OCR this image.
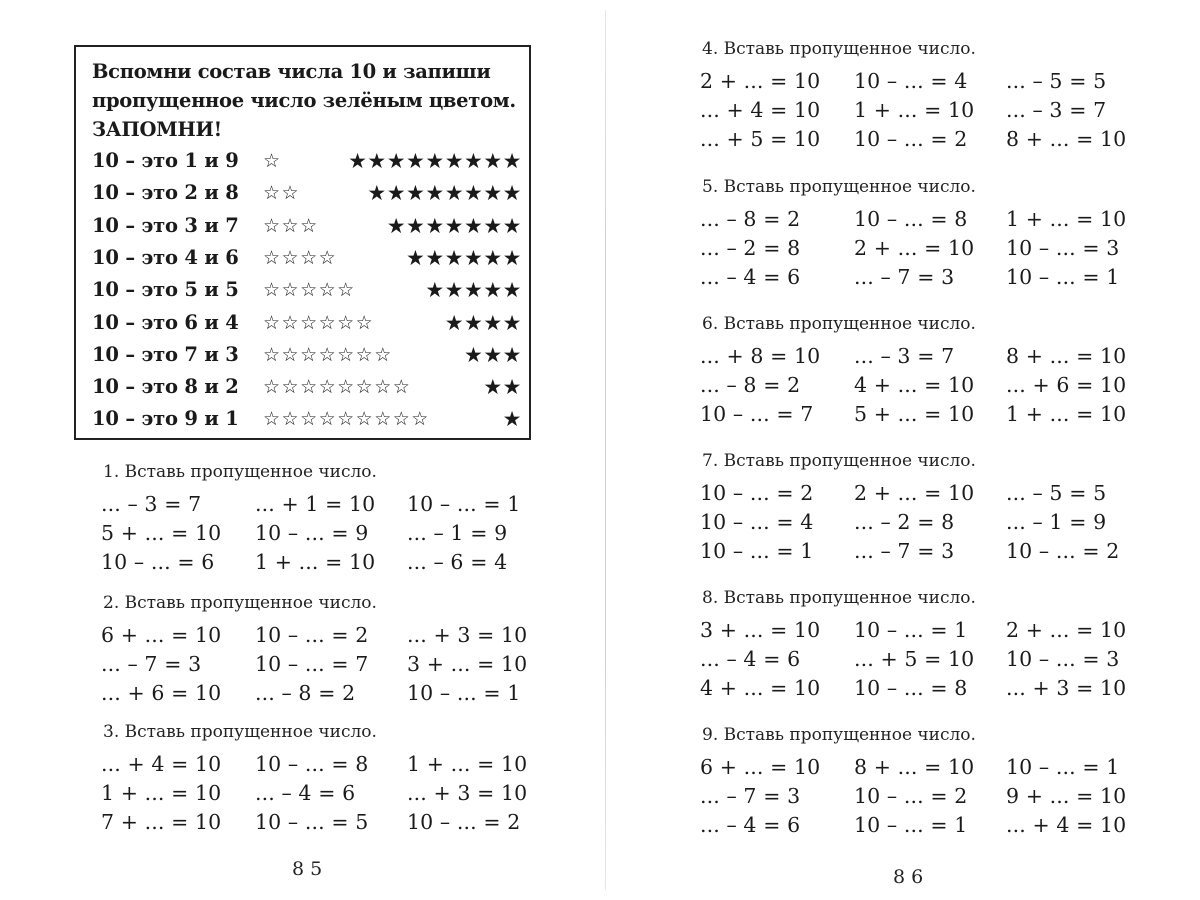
Вспомни состав числа 10 и запиши
пропущенное число зелёным цветом.
ЗАПОМНИ!
10 – это 1 и 9 ☆	★★★★★★★★★
10 – это 2 и 8 ☆☆	★★★★★★★★
10 – это 3 и 7 ☆☆☆	★★★★★★★
10 – это 4 и 6 ☆☆☆☆	★★★★★★
10 – это 5 и 5 ☆☆☆☆☆	★★★★★
10 – это 6 и 4 ☆☆☆☆☆☆	★★★★
10 – это 7 и 3 ☆☆☆☆☆☆☆	★★★
10 – это 8 и 2 ☆☆☆☆☆☆☆☆	★★
10 – это 9 и 1 ☆☆☆☆☆☆☆☆☆	★
1. Вставь пропущенное число.
... – 3 = 7	... + 1 = 10 10 – ... = 1
5 + ... = 10 10 – ... = 9 ... – 1 = 9
10 – ... = 6 1 + ... = 10 ... – 6 = 4
2. Вставь пропущенное число.
6 + ... = 10 10 – ... = 2 ... + 3 = 10
... – 7 = 3	10 – ... = 7 3 + ... = 10
... + 6 = 10 ... – 8 = 2	10 – ... = 1
3. Вставь пропущенное число.
... + 4 = 10 10 – ... = 8 1 + ... = 10
1 + ... = 10 ... – 4 = 6	... + 3 = 10
7 + ... = 10 10 – ... = 5 10 – ... = 2
85
4. Вставь пропущенное число.
2 + ... = 10 10 – ... = 4 ... – 5 = 5
... + 4 = 10 1 + ... = 10 ... – 3 = 7
... + 5 = 10 10 – ... = 2 8 + ... = 10
5. Вставь пропущенное число.
... – 8 = 2	10 – ... = 8 1 + ... = 10
... – 2 = 8	2 + ... = 10 10 – ... = 3
... – 4 = 6	... – 7 = 3	10 – ... = 1
6. Вставь пропущенное число.
... + 8 = 10 ... – 3 = 7	8 + ... = 10
... – 8 = 2	4 + ... = 10 ... + 6 = 10
10 – ... = 7 5 + ... = 10 1 + ... = 10
7. Вставь пропущенное число.
10 – ... = 2 2 + ... = 10 ... – 5 = 5
10 – ... = 4 ... – 2 = 8	... – 1 = 9
10 – ... = 1 ... – 7 = 3	10 – ... = 2
8. Вставь пропущенное число.
3 + ... = 10 10 – ... = 1 2 + ... = 10
... – 4 = 6	... + 5 = 10 10 – ... = 3
4 + ... = 10 10 – ... = 8 ... + 3 = 10
9. Вставь пропущенное число.
6 + ... = 10 8 + ... = 10 10 – ... = 1
... – 7 = 3	10 – ... = 2 9 + ... = 10
... – 4 = 6	10 – ... = 1 ... + 4 = 10
86
